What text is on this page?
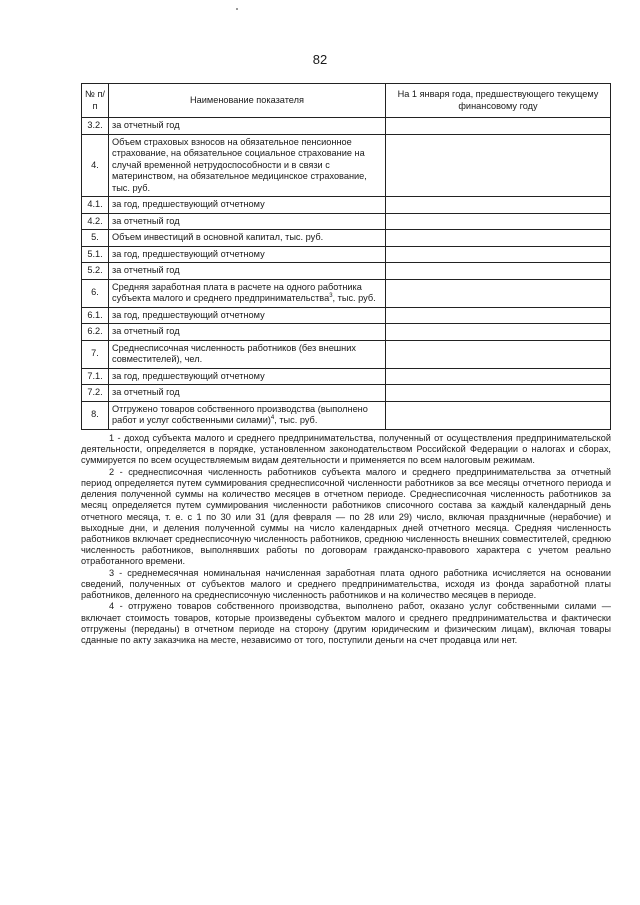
82
№ п/п	Наименование показателя	На 1 января года, предшествующего текущему финансовому году
3.2.	за отчетный год	
4.	Объем страховых взносов на обязательное пенсионное страхование, на обязательное социальное страхование на случай временной нетрудоспособности и в связи с материнством, на обязательное медицинское страхование, тыс. руб.	
4.1.	за год, предшествующий отчетному	
4.2.	за отчетный год	
5.	Объем инвестиций в основной капитал, тыс. руб.	
5.1.	за год, предшествующий отчетному	
5.2.	за отчетный год	
6.	Средняя заработная плата в расчете на одного работника субъекта малого и среднего предпринимательства$^3$, тыс. руб.	
6.1.	за год, предшествующий отчетному	
6.2.	за отчетный год	
7.	Среднесписочная численность работников (без внешних совместителей), чел.	
7.1.	за год, предшествующий отчетному	
7.2.	за отчетный год	
8.	Отгружено товаров собственного производства (выполнено работ и услуг собственными силами)$^4$, тыс. руб.	

1 - доход субъекта малого и среднего предпринимательства, полученный от осуществления предпринимательской деятельности, определяется в порядке, установленном законодательством Российской Федерации о налогах и сборах, суммируется по всем осуществляемым видам деятельности и применяется по всем налоговым режимам.

2 - среднесписочная численность работников субъекта малого и среднего предпринимательства за отчетный период определяется путем суммирования среднесписочной численности работников за все месяцы отчетного периода и деления полученной суммы на количество месяцев в отчетном периоде. Среднесписочная численность работников за месяц определяется путем суммирования численности работников списочного состава за каждый календарный день отчетного месяца, т. е. с 1 по 30 или 31 (для февраля — по 28 или 29) число, включая праздничные (нерабочие) и выходные дни, и деления полученной суммы на число календарных дней отчетного месяца. Средняя численность работников включает среднесписочную численность работников, среднюю численность внешних совместителей, среднюю численность работников, выполнявших работы по договорам гражданско-правового характера с учетом реально отработанного времени.

3 - среднемесячная номинальная начисленная заработная плата одного работника исчисляется на основании сведений, полученных от субъектов малого и среднего предпринимательства, исходя из фонда заработной платы работников, деленного на среднесписочную численность работников и на количество месяцев в периоде.

4 - отгружено товаров собственного производства, выполнено работ, оказано услуг собственными силами — включает стоимость товаров, которые произведены субъектом малого и среднего предпринимательства и фактически отгружены (переданы) в отчетном периоде на сторону (другим юридическим и физическим лицам), включая товары сданные по акту заказчика на месте, независимо от того, поступили деньги на счет продавца или нет.
